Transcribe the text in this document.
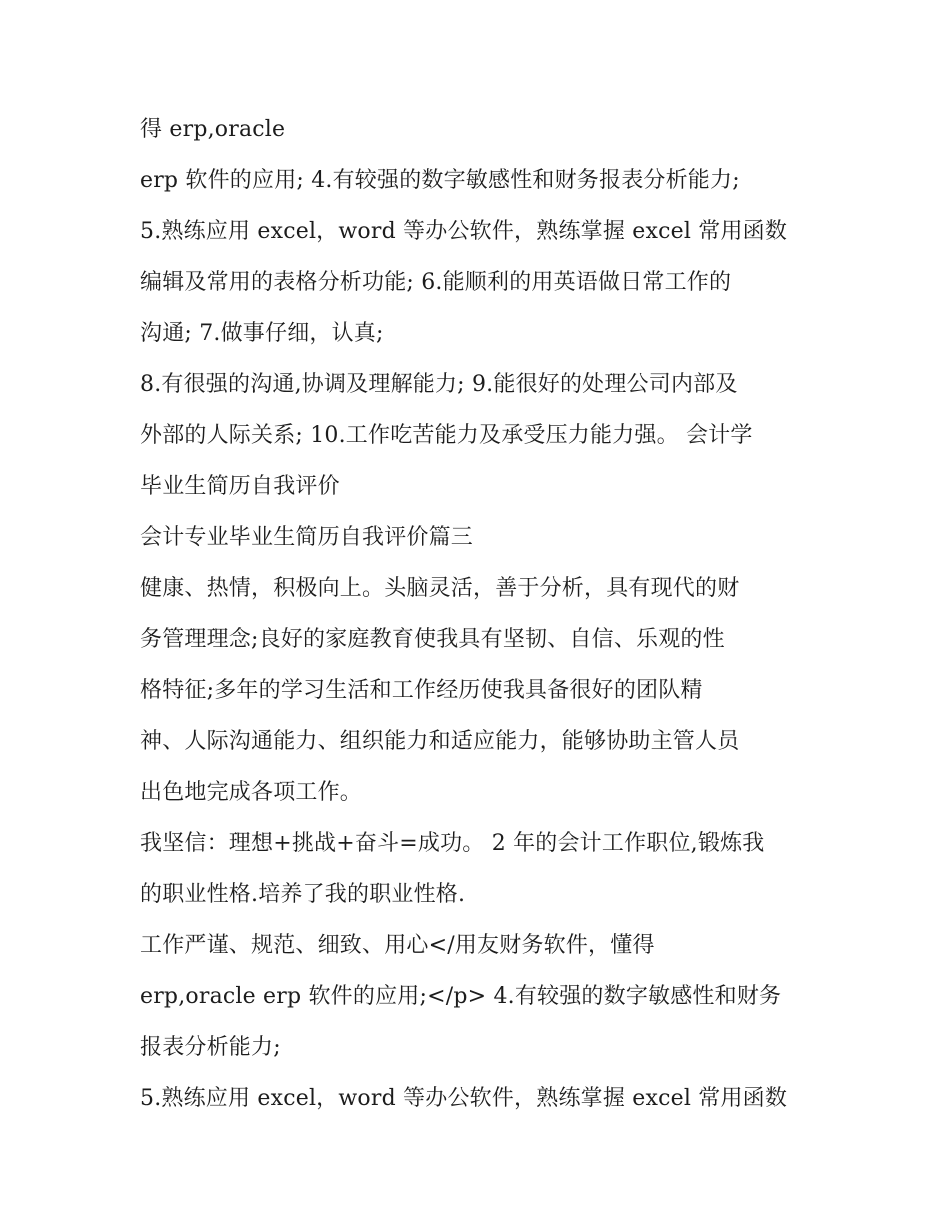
得 erp,oracle
erp 软件的应用; 4.有较强的数字敏感性和财务报表分析能力;
5.熟练应用 excel，word 等办公软件，熟练掌握 excel 常用函数
编辑及常用的表格分析功能; 6.能顺利的用英语做日常工作的
沟通; 7.做事仔细，认真;
8.有很强的沟通,协调及理解能力; 9.能很好的处理公司内部及
外部的人际关系; 10.工作吃苦能力及承受压力能力强。 会计学
毕业生简历自我评价
会计专业毕业生简历自我评价篇三
健康、热情，积极向上。头脑灵活，善于分析，具有现代的财
务管理理念;良好的家庭教育使我具有坚韧、自信、乐观的性
格特征;多年的学习生活和工作经历使我具备很好的团队精
神、人际沟通能力、组织能力和适应能力，能够协助主管人员
出色地完成各项工作。
我坚信：理想+挑战+奋斗=成功。 2 年的会计工作职位,锻炼我
的职业性格.培养了我的职业性格.
工作严谨、规范、细致、用心</用友财务软件，懂得
erp,oracle erp 软件的应用;</p> 4.有较强的数字敏感性和财务
报表分析能力;
5.熟练应用 excel，word 等办公软件，熟练掌握 excel 常用函数
